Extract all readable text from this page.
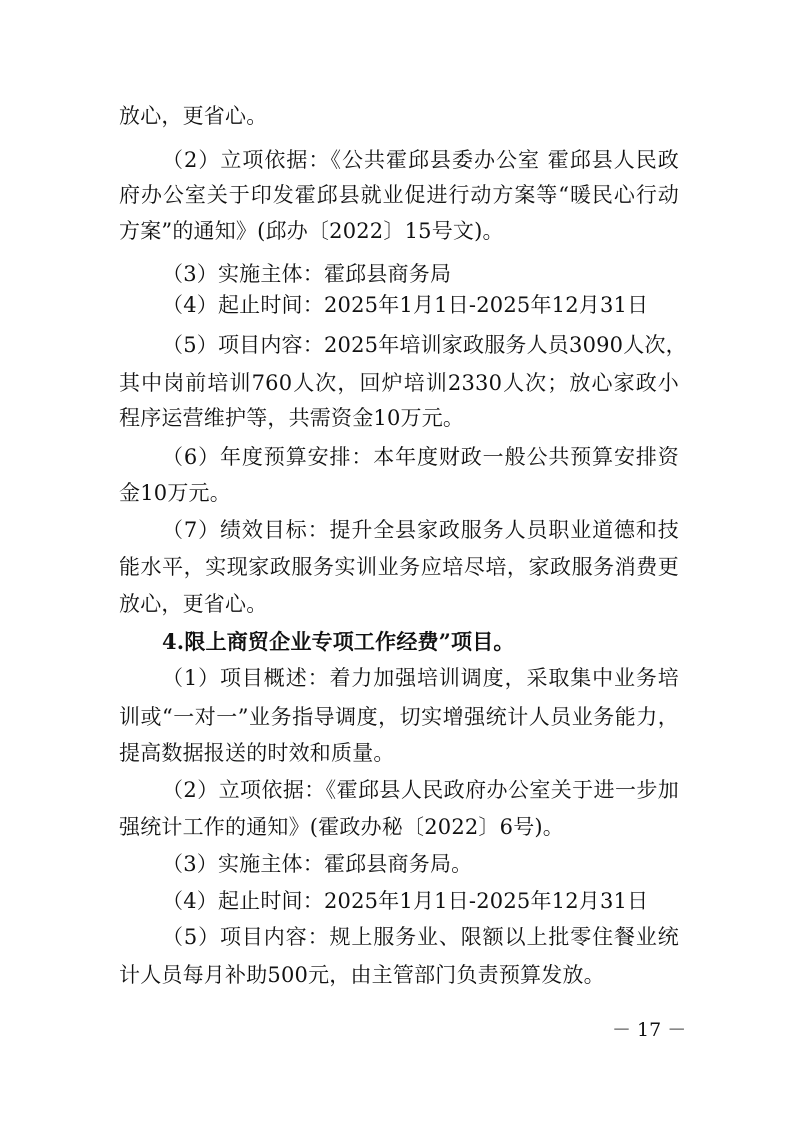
放心，更省心。
（2）立项依据：《公共霍邱县委办公室 霍邱县人民政
府办公室关于印发霍邱县就业促进行动方案等“暖民心行动
方案”的通知》(邱办〔2022〕15号文)。
（3）实施主体：霍邱县商务局
（4）起止时间：2025年1月1日-2025年12月31日
（5）项目内容：2025年培训家政服务人员3090人次，
其中岗前培训760人次，回炉培训2330人次；放心家政小
程序运营维护等，共需资金10万元。
（6）年度预算安排：本年度财政一般公共预算安排资
金10万元。
（7）绩效目标：提升全县家政服务人员职业道德和技
能水平，实现家政服务实训业务应培尽培，家政服务消费更
放心，更省心。
4.限上商贸企业专项工作经费”项目。
（1）项目概述：着力加强培训调度，采取集中业务培
训或“一对一”业务指导调度，切实增强统计人员业务能力，
提高数据报送的时效和质量。
（2）立项依据：《霍邱县人民政府办公室关于进一步加
强统计工作的通知》(霍政办秘〔2022〕6号)。
（3）实施主体：霍邱县商务局。
（4）起止时间：2025年1月1日-2025年12月31日
（5）项目内容：规上服务业、限额以上批零住餐业统
计人员每月补助500元，由主管部门负责预算发放。
－ 17 －
